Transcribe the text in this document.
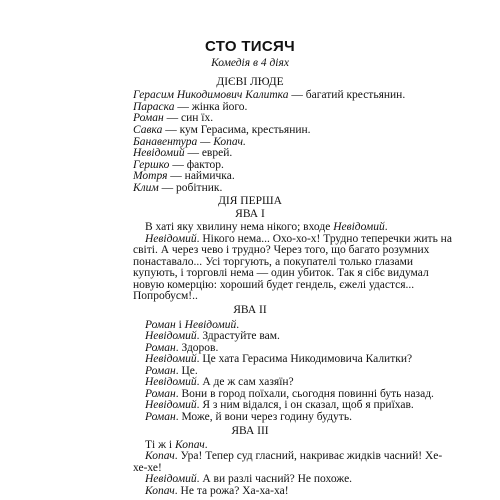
СТО ТИСЯЧ
Комедія в 4 діях
ДІЄВІ ЛЮДЕ
Герасим Никодимович Калитка — багатий крестьянин.
Параска — жінка його.
Роман — син їх.
Савка — кум Герасима, крестьянин.
Банавентура — Копач.
Невідомий — еврей.
Гершко — фактор.
Мотря — наймичка.
Клим — робітник.
ДІЯ ПЕРША
ЯВА І
В хаті яку хвилину нема нікого; входе Невідомий.
Невідомий. Нікого нема... Охо-хо-х! Трудно теперечки жить на
світі. А через чево і трудно? Через того, що багато розумних
понаставало... Усі торгують, а покупателі только глазами
купують, і торговлі нема — один убиток. Так я сібє видумал
новую комерцію: хороший будет гендель, єжелі удастся...
Попробусм!..
ЯВА ІІ
Роман і Невідомий.
Невідомий. Здрастуйте вам.
Роман. Здоров.
Невідомий. Це хата Герасима Никодимовича Калитки?
Роман. Це.
Невідомий. А де ж сам хазяїн?
Роман. Вони в город поїхали, сьогодня повинні буть назад.
Невідомий. Я з ним відался, і он сказал, щоб я приїхав.
Роман. Може, й вони через годину будуть.
ЯВА ІІІ
Ті ж і Копач.
Копач. Ура! Тепер суд гласний, накриває жидків часний! Хе-
хе-хе!
Невідомий. А ви разлі часний? Не похоже.
Копач. Не та рожа? Ха-ха-ха!
